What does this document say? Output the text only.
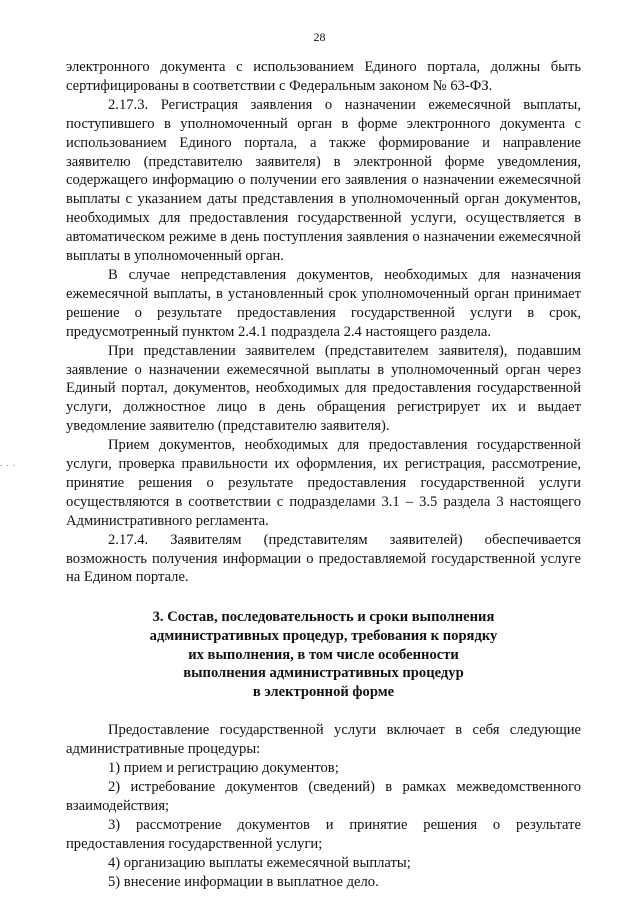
28
. . .

электронного документа с использованием Единого портала, должны быть сертифицированы в соответствии с Федеральным законом № 63-ФЗ.

2.17.3. Регистрация заявления о назначении ежемесячной выплаты, поступившего в уполномоченный орган в форме электронного документа с использованием Единого портала, а также формирование и направление заявителю (представителю заявителя) в электронной форме уведомления, содержащего информацию о получении его заявления о назначении ежемесячной выплаты с указанием даты представления в уполномоченный орган документов, необходимых для предоставления государственной услуги, осуществляется в автоматическом режиме в день поступления заявления о назначении ежемесячной выплаты в уполномоченный орган.

В случае непредставления документов, необходимых для назначения ежемесячной выплаты, в установленный срок уполномоченный орган принимает решение о результате предоставления государственной услуги в срок, предусмотренный пунктом 2.4.1 подраздела 2.4 настоящего раздела.

При представлении заявителем (представителем заявителя), подавшим заявление о назначении ежемесячной выплаты в уполномоченный орган через Единый портал, документов, необходимых для предоставления государственной услуги, должностное лицо в день обращения регистрирует их и выдает уведомление заявителю (представителю заявителя).

Прием документов, необходимых для предоставления государственной услуги, проверка правильности их оформления, их регистрация, рассмотрение, принятие решения о результате предоставления государственной услуги осуществляются в соответствии с подразделами 3.1 – 3.5 раздела 3 настоящего Административного регламента.

2.17.4. Заявителям (представителям заявителей) обеспечивается возможность получения информации о предоставляемой государственной услуге на Едином портале.

3. Состав, последовательность и сроки выполнения
административных процедур, требования к порядку
их выполнения, в том числе особенности
выполнения административных процедур
в электронной форме

Предоставление государственной услуги включает в себя следующие административные процедуры:

1) прием и регистрацию документов;

2) истребование документов (сведений) в рамках межведомственного взаимодействия;

3) рассмотрение документов и принятие решения о результате предоставления государственной услуги;

4) организацию выплаты ежемесячной выплаты;

5) внесение информации в выплатное дело.
